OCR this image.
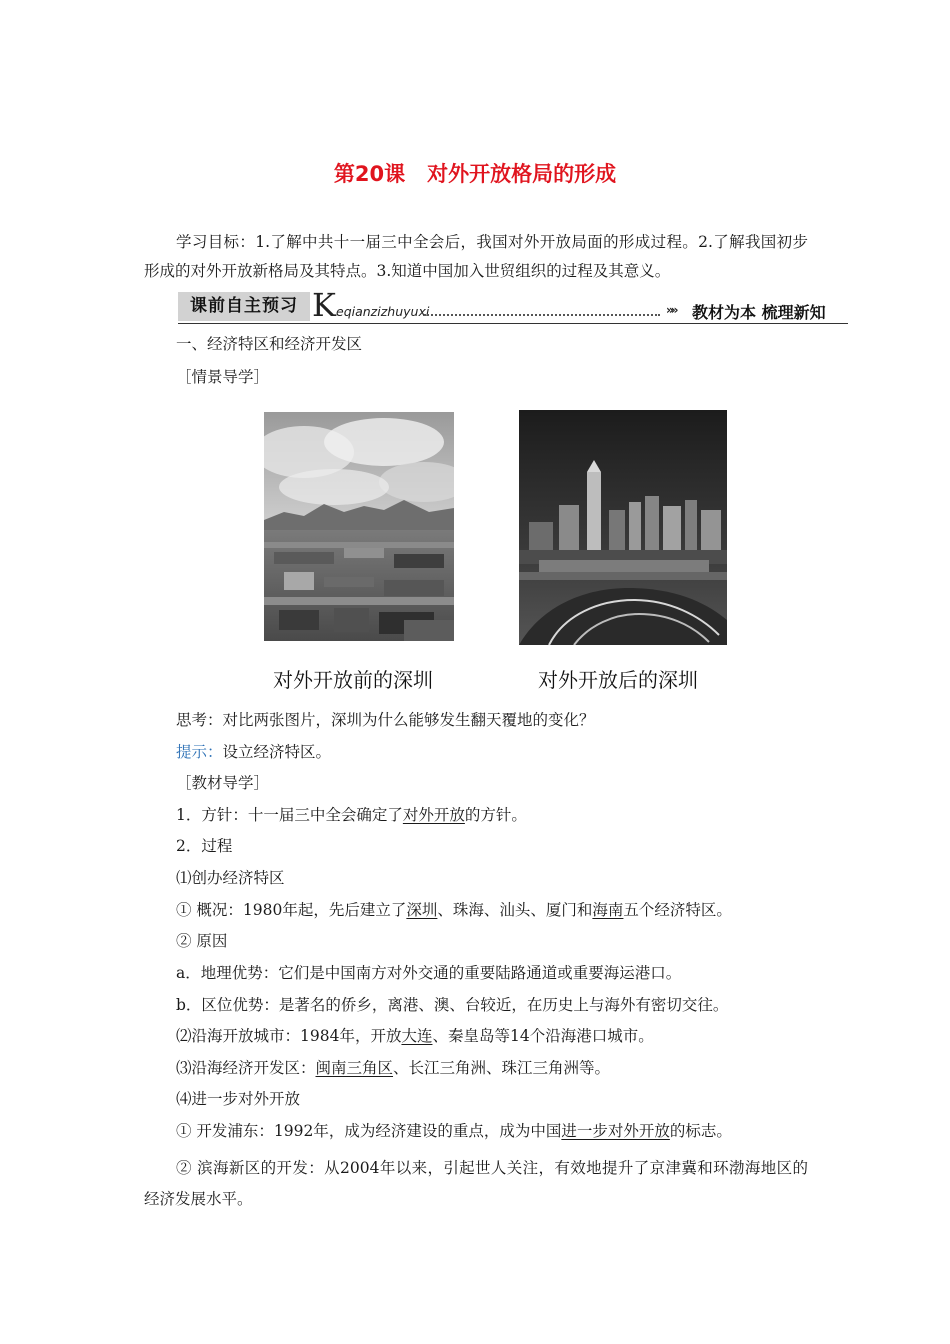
第20课 对外开放格局的形成
学习目标：1.了解中共十一届三中全会后，我国对外开放局面的形成过程。2.了解我国初步形成的对外开放新格局及其特点。3.知道中国加入世贸组织的过程及其意义。
课前自主预习 K eqianzizhuyuxi	»» 教材为本 梳理新知
一、经济特区和经济开发区
［情景导学］
对外开放前的深圳	对外开放后的深圳
思考：对比两张图片，深圳为什么能够发生翻天覆地的变化？
提示：设立经济特区。
［教材导学］
1．方针：十一届三中全会确定了对外开放的方针。
2．过程
⑴创办经济特区
① 概况：1980年起，先后建立了深圳、珠海、汕头、厦门和海南五个经济特区。
② 原因
a．地理优势：它们是中国南方对外交通的重要陆路通道或重要海运港口。
b．区位优势：是著名的侨乡，离港、澳、台较近，在历史上与海外有密切交往。
⑵沿海开放城市：1984年，开放大连、秦皇岛等14个沿海港口城市。
⑶沿海经济开发区：闽南三角区、长江三角洲、珠江三角洲等。
⑷进一步对外开放
① 开发浦东：1992年，成为经济建设的重点，成为中国进一步对外开放的标志。
② 滨海新区的开发：从2004年以来，引起世人关注，有效地提升了京津冀和环渤海地区的经济发展水平。
